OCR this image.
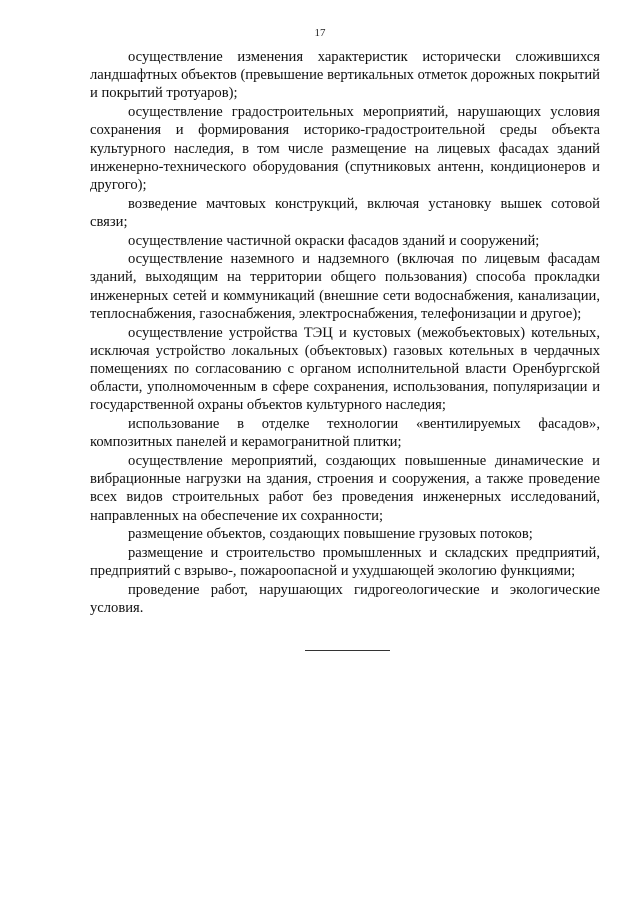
17

осуществление изменения характеристик исторически сложившихся ландшафтных объектов (превышение вертикальных отметок дорожных покрытий и покрытий тротуаров);

осуществление градостроительных мероприятий, нарушающих условия сохранения и формирования историко-градостроительной среды объекта культурного наследия, в том числе размещение на лицевых фасадах зданий инженерно-технического оборудования (спутниковых антенн, кондиционеров и другого);

возведение мачтовых конструкций, включая установку вышек сотовой связи;

осуществление частичной окраски фасадов зданий и сооружений;

осуществление наземного и надземного (включая по лицевым фасадам зданий, выходящим на территории общего пользования) способа прокладки инженерных сетей и коммуникаций (внешние сети водоснабжения, канализации, теплоснабжения, газоснабжения, электроснабжения, телефонизации и другое);

осуществление устройства ТЭЦ и кустовых (межобъектовых) котельных, исключая устройство локальных (объектовых) газовых котельных в чердачных помещениях по согласованию с органом исполнительной власти Оренбургской области, уполномоченным в сфере сохранения, использования, популяризации и государственной охраны объектов культурного наследия;

использование в отделке технологии «вентилируемых фасадов», композитных панелей и керамогранитной плитки;

осуществление мероприятий, создающих повышенные динамические и вибрационные нагрузки на здания, строения и сооружения, а также проведение всех видов строительных работ без проведения инженерных исследований, направленных на обеспечение их сохранности;

размещение объектов, создающих повышение грузовых потоков;

размещение и строительство промышленных и складских предприятий, предприятий с взрыво-, пожароопасной и ухудшающей экологию функциями;

проведение работ, нарушающих гидрогеологические и экологические условия.
